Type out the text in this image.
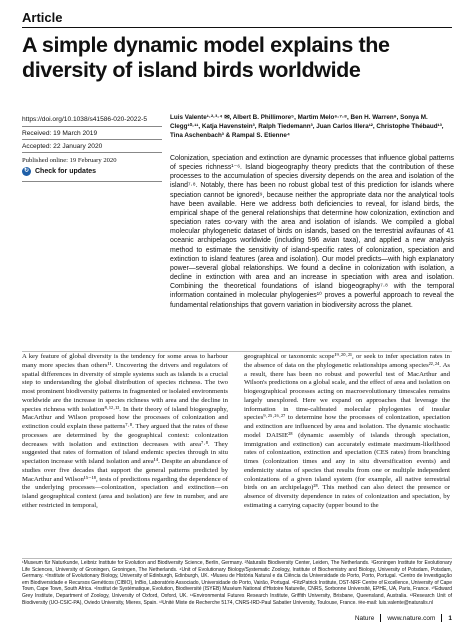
Article
A simple dynamic model explains the diversity of island birds worldwide
https://doi.org/10.1038/s41586-020-2022-5
Received: 19 March 2019
Accepted: 22 January 2020
Published online: 19 February 2020
↻ Check for updates
Luis Valente¹·²·³·⁴ ✉, Albert B. Phillimore⁵, Martim Melo⁶·⁷·⁸, Ben H. Warren⁹, Sonya M. Clegg¹⁰·¹¹, Katja Havenstein³, Ralph Tiedemann³, Juan Carlos Illera¹², Christophe Thébaud¹³, Tina Aschenbach³ & Rampal S. Etienne⁴
Colonization, speciation and extinction are dynamic processes that influence global patterns of species richness¹⁻⁶. Island biogeography theory predicts that the contribution of these processes to the accumulation of species diversity depends on the area and isolation of the island⁷·⁸. Notably, there has been no robust global test of this prediction for islands where speciation cannot be ignored⁹, because neither the appropriate data nor the analytical tools have been available. Here we address both deficiencies to reveal, for island birds, the empirical shape of the general relationships that determine how colonization, extinction and speciation rates co-vary with the area and isolation of islands. We compiled a global molecular phylogenetic dataset of birds on islands, based on the terrestrial avifaunas of 41 oceanic archipelagos worldwide (including 596 avian taxa), and applied a new analysis method to estimate the sensitivity of island-specific rates of colonization, speciation and extinction to island features (area and isolation). Our model predicts—with high explanatory power—several global relationships. We found a decline in colonization with isolation, a decline in extinction with area and an increase in speciation with area and isolation. Combining the theoretical foundations of island biogeography⁷·⁸ with the temporal information contained in molecular phylogenies¹⁰ proves a powerful approach to reveal the fundamental relationships that govern variation in biodiversity across the planet.
A key feature of global diversity is the tendency for some areas to harbour many more species than others¹¹. Uncovering the drivers and regulators of spatial differences in diversity of simple systems such as islands is a crucial step to understanding the global distribution of species richness. The two most prominent biodiversity patterns in fragmented or isolated environments worldwide are the increase in species richness with area and the decline in species richness with isolation⁸·¹²·¹³. In their theory of island biogeography, MacArthur and Wilson proposed how the processes of colonization and extinction could explain these patterns⁷·⁸. They argued that the rates of these processes are determined by the geographical context: colonization decreases with isolation and extinction decreases with area⁷·⁸. They suggested that rates of formation of island endemic species through in situ speciation increase with island isolation and area¹⁴. Despite an abundance of studies over five decades that support the general patterns predicted by MacArthur and Wilson¹⁵⁻¹⁸, tests of predictions regarding the dependence of the underlying processes—colonization, speciation and extinction—on island geographical context (area and isolation) are few in number, and are either restricted in temporal,
geographical or taxonomic scope¹⁹·²⁰·²¹, or seek to infer speciation rates in the absence of data on the phylogenetic relationships among species²²·²⁴. As a result, there has been no robust and powerful test of MacArthur and Wilson's predictions on a global scale, and the effect of area and isolation on biogeographical processes acting on macroevolutionary timescales remains largely unexplored. Here we expand on approaches that leverage the information in time-calibrated molecular phylogenies of insular species⁹·²⁵·²⁶·²⁷ to determine how the processes of colonization, speciation and extinction are influenced by area and isolation. The dynamic stochastic model DAISIE²⁸ (dynamic assembly of islands through speciation, immigration and extinction) can accurately estimate maximum-likelihood rates of colonization, extinction and speciation (CES rates) from branching times (colonization times and any in situ diversification events) and endemicity status of species that results from one or multiple independent colonizations of a given island system (for example, all native terrestrial birds on an archipelago)²⁸. This method can also detect the presence or absence of diversity dependence in rates of colonization and speciation, by estimating a carrying capacity (upper bound to the
¹Museum für Naturkunde, Leibniz Institute for Evolution and Biodiversity Science, Berlin, Germany. ²Naturalis Biodiversity Center, Leiden, The Netherlands. ³Groningen Institute for Evolutionary Life Sciences, University of Groningen, Groningen, The Netherlands. ⁴Unit of Evolutionary Biology/Systematic Zoology, Institute of Biochemistry and Biology, University of Potsdam, Potsdam, Germany. ⁵Institute of Evolutionary Biology, University of Edinburgh, Edinburgh, UK. ⁶Museu de História Natural e da Ciência da Universidade do Porto, Porto, Portugal. ⁷Centro de Investigação em Biodiversidade e Recursos Genéticos (CIBIO), InBio, Laboratório Associado, Universidade do Porto, Vairão, Portugal. ⁸FitzPatrick Institute, DST-NRF Centre of Excellence, University of Cape Town, Cape Town, South Africa. ⁹Institut de Systématique, Evolution, Biodiversité (ISYEB) Muséum National d'Histoire Naturelle, CNRS, Sorbonne Université, EPHE, UA, Paris, France. ¹⁰Edward Grey Institute, Department of Zoology, University of Oxford, Oxford, UK. ¹¹Environmental Futures Research Institute, Griffith University, Brisbane, Queensland, Australia. ¹²Research Unit of Biodiversity (UO-CSIC-PA), Oviedo University, Mieres, Spain. ¹³Unité Mixte de Recherche 5174, CNRS-IRD-Paul Sabatier University, Toulouse, France. ✉e-mail: luis.valente@naturalis.nl
Nature www.nature.com 1
